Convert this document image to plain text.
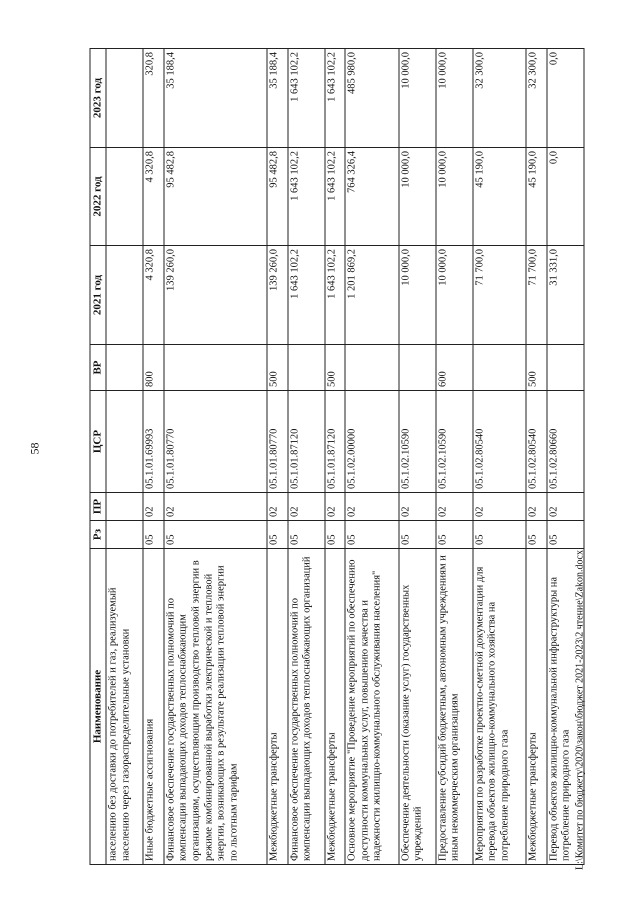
58
Наименование	Рз	ПР	ЦСР	ВР	2021 год	2022 год	2023 год
населению без доставки до потребителей и газ, реализуемый населению через газораспределительные установки							
Иные бюджетные ассигнования	05	02	05.1.01.69993	800	4 320,8	4 320,8	320,8
Финансовое обеспечение государственных полномочий по компенсации выпадающих доходов теплоснабжающим организациям, осуществляющим производство тепловой энергии в режиме комбинированной выработки электрической и тепловой энергии, возникающих в результате реализации тепловой энергии по льготным тарифам	05	02	05.1.01.80770		139 260,0	95 482,8	35 188,4
Межбюджетные трансферты	05	02	05.1.01.80770	500	139 260,0	95 482,8	35 188,4
Финансовое обеспечение государственных полномочий по компенсации выпадающих доходов теплоснабжающих организаций	05	02	05.1.01.87120		1 643 102,2	1 643 102,2	1 643 102,2
Межбюджетные трансферты	05	02	05.1.01.87120	500	1 643 102,2	1 643 102,2	1 643 102,2
Основное мероприятие "Проведение мероприятий по обеспечению доступности коммунальных услуг, повышению качества и надежности жилищно-коммунального обслуживания населения"	05	02	05.1.02.00000		1 201 869,2	764 326,4	485 980,0
Обеспечение деятельности (оказание услуг) государственных учреждений	05	02	05.1.02.10590		10 000,0	10 000,0	10 000,0
Предоставление субсидий бюджетным, автономным учреждениям и иным некоммерческим организациям	05	02	05.1.02.10590	600	10 000,0	10 000,0	10 000,0
Мероприятия по разработке проектно-сметной документации для перевода объектов жилищно-коммунального хозяйства на потребление природного газа	05	02	05.1.02.80540		71 700,0	45 190,0	32 300,0
Межбюджетные трансферты	05	02	05.1.02.80540	500	71 700,0	45 190,0	32 300,0
Перевод объектов жилищно-коммунальной инфраструктуры на потребление природного газа	05	02	05.1.02.80660		31 331,0	0,0	0,0
L:\Комитет по бюджету\2020\закон\бюджет 2021-2023\2 чтение\Zakon.docx
